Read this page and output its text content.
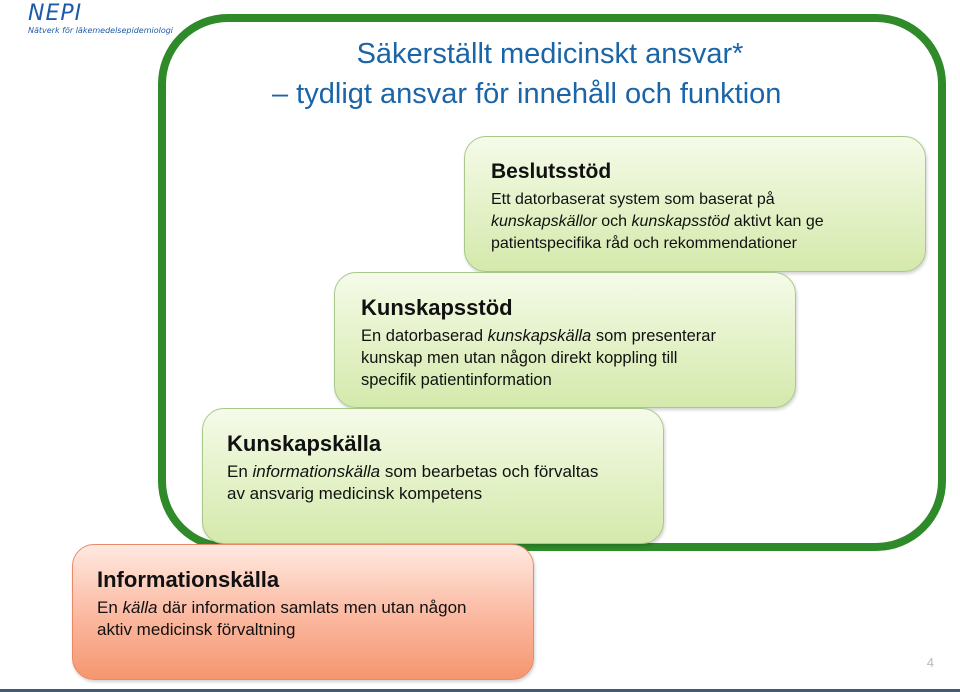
NEPI
Nätverk för läkemedelsepidemiologi
Säkerställt medicinskt ansvar*
– tydligt ansvar för innehåll och funktion
Beslutsstöd
Ett datorbaserat system som baserat på
kunskapskällor och kunskapsstöd aktivt kan ge
patientspecifika råd och rekommendationer
Kunskapsstöd
En datorbaserad kunskapskälla som presenterar
kunskap men utan någon direkt koppling till
specifik patientinformation
Kunskapskälla
En informationskälla som bearbetas och förvaltas
av ansvarig medicinsk kompetens
Informationskälla
En källa där information samlats men utan någon
aktiv medicinsk förvaltning
4
